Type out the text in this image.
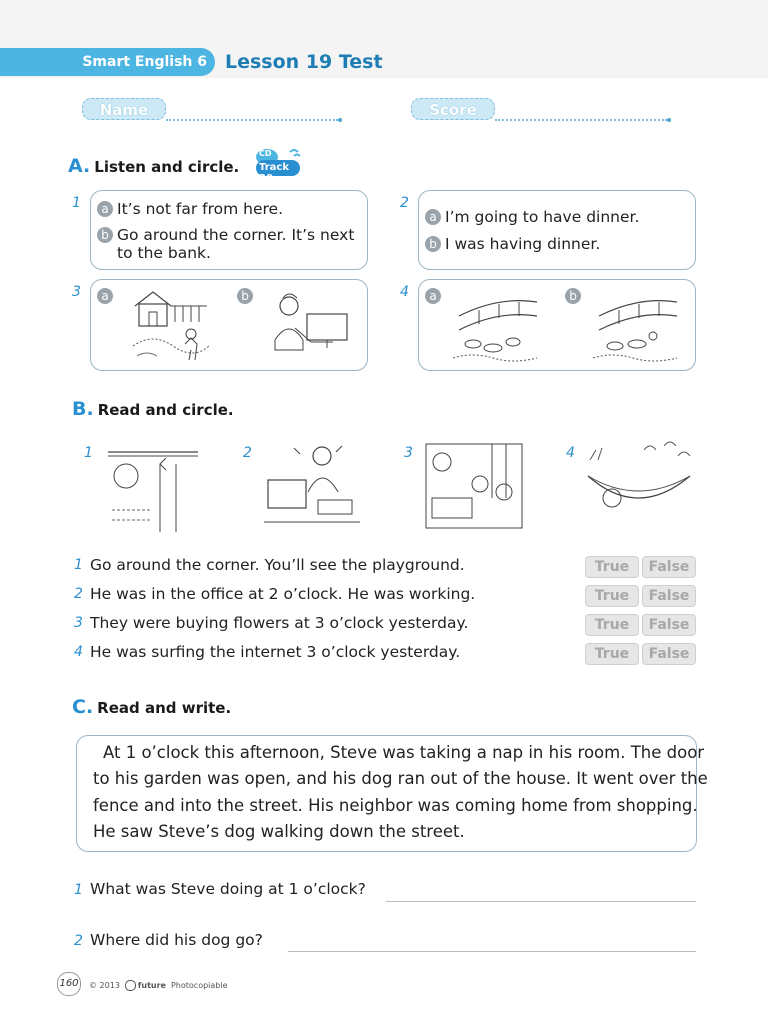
Smart English 6 Lesson 19 Test
Name	Score
A. Listen and circle.
CD
Track 20
1	a It’s not far from here.
b Go around the corner. It’s next to the bank.
2
a I’m going to have dinner.
b I was having dinner.
3	a	b	4	a	b
B. Read and circle.
1	2	3	4
1 Go around the corner. You’ll see the playground.	True	False
2 He was in the office at 2 o’clock. He was working.	True	False
3 They were buying flowers at 3 o’clock yesterday.	True	False
4 He was surfing the internet 3 o’clock yesterday.	True	False
C. Read and write.
At 1 o’clock this afternoon, Steve was taking a nap in his room. The door
to his garden was open, and his dog ran out of the house. It went over the
fence and into the street. His neighbor was coming home from shopping.
He saw Steve’s dog walking down the street.
1 What was Steve doing at 1 o’clock?
2 Where did his dog go?
160	© 2013 future Photocopiable
